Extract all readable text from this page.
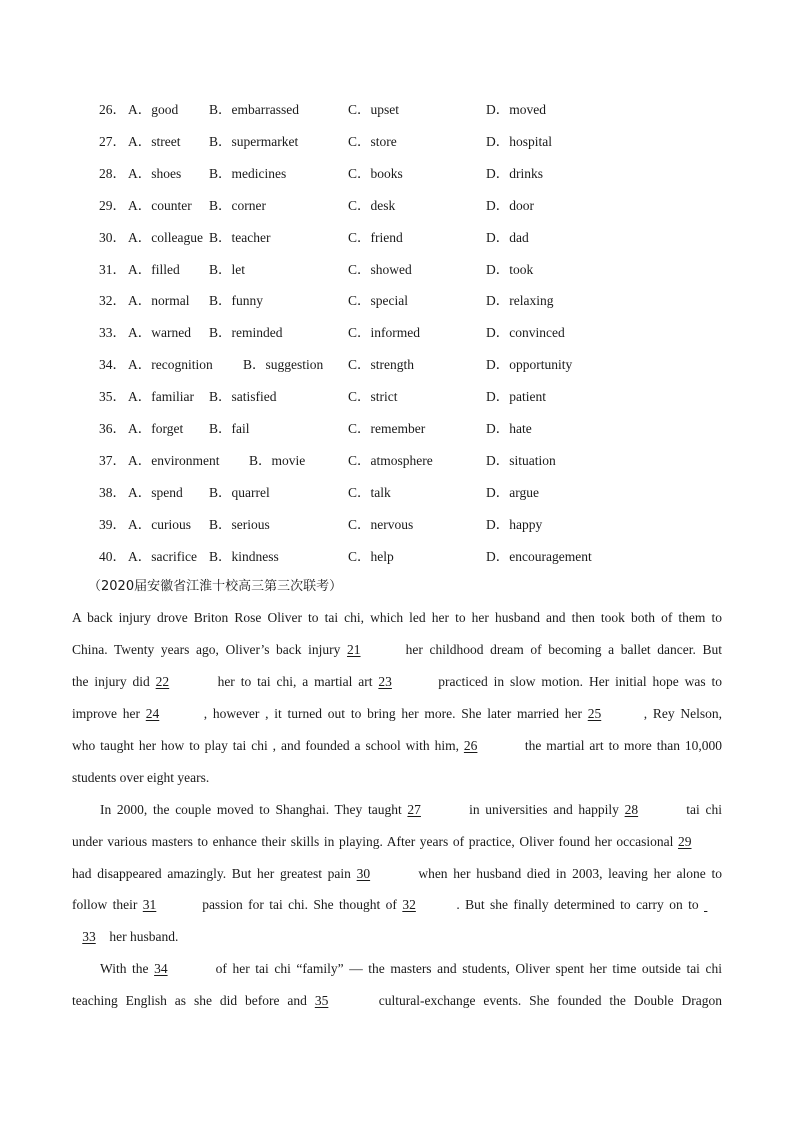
26． A．good B．embarrassed	C．upset	D．moved
27． A．street B．supermarket	C．store	D．hospital
28． A．shoes B．medicines	C．books	D．drinks
29． A．counter B．corner	C．desk	D．door
30． A．colleague B．teacher	C．friend	D．dad
31． A．filled B．let	C．showed	D．took
32． A．normal B．funny	C．special	D．relaxing
33． A．warned B．reminded	C．informed	D．convinced
34． A．recognition B．suggestion C．strength	D．opportunity
35． A．familiar B．satisfied	C．strict	D．patient
36． A．forget B．fail	C．remember	D．hate
37． A．environment B．movie	C．atmosphere	D．situation
38． A．spend B．quarrel	C．talk	D．argue
39． A．curious B．serious	C．nervous	D．happy
40． A．sacrifice B．kindness	C．help	D．encouragement
（2020届安徽省江淮十校高三第三次联考）
A back injury drove Briton Rose Oliver to tai chi, which led her to her husband and then took both of them to
China. Twenty years ago, Oliver’s back injury 21	her childhood dream of becoming a ballet dancer. But
the injury did 22	her to tai chi, a martial art 23	practiced in slow motion. Her initial hope was to
improve her 24	, however , it turned out to bring her more. She later married her 25	, Rey Nelson,
who taught her how to play tai chi , and founded a school with him, 26	the martial art to more than 10,000
students over eight years.
In 2000, the couple moved to Shanghai. They taught 27	in universities and happily 28	tai chi
under various masters to enhance their skills in playing. After years of practice, Oliver found her occasional 29
had disappeared amazingly. But her greatest pain 30	when her husband died in 2003, leaving her alone to
follow their 31	passion for tai chi. She thought of 32	. But she finally determined to carry on to
33 her husband.
With the 34	of her tai chi “family” — the masters and students, Oliver spent her time outside tai chi
teaching English as she did before and 35	cultural-exchange events. She founded the Double Dragon
